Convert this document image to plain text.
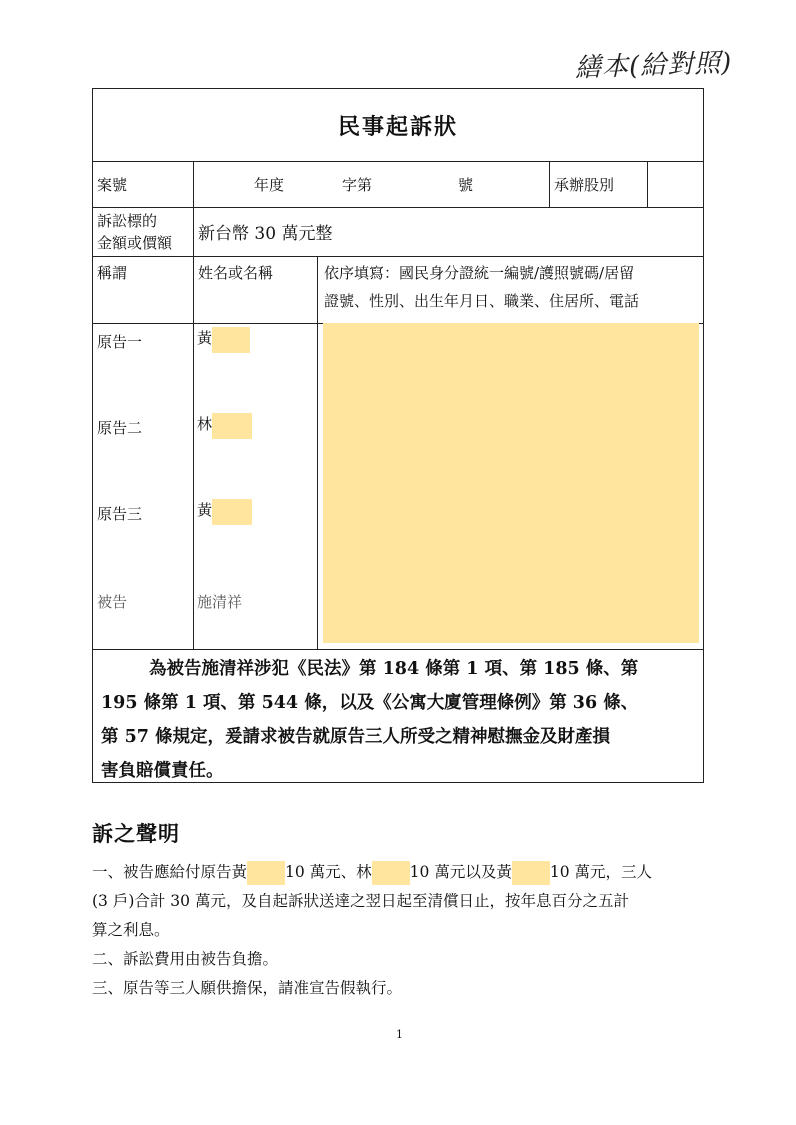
繕本(給對照)
民事起訴狀
案號	年度	字第	號	承辦股別
訴訟標的
金額或價額	新台幣 30 萬元整
稱謂	姓名或名稱	依序填寫：國民身分證統一編號/護照號碼/居留
證號、性別、出生年月日、職業、住居所、電話
原告一	黃
原告二	林
原告三	黃
被告	施清祥
為被告施清祥涉犯《民法》第 184 條第 1 項、第 185 條、第
195 條第 1 項、第 544 條，以及《公寓大廈管理條例》第 36 條、
第 57 條規定，爰請求被告就原告三人所受之精神慰撫金及財產損
害負賠償責任。
訴之聲明
一、被告應給付原告黃 10 萬元、林 10 萬元以及黃 10 萬元，三人
(3 戶)合計 30 萬元，及自起訴狀送達之翌日起至清償日止，按年息百分之五計
算之利息。
二、訴訟費用由被告負擔。
三、原告等三人願供擔保，請准宣告假執行。
1
